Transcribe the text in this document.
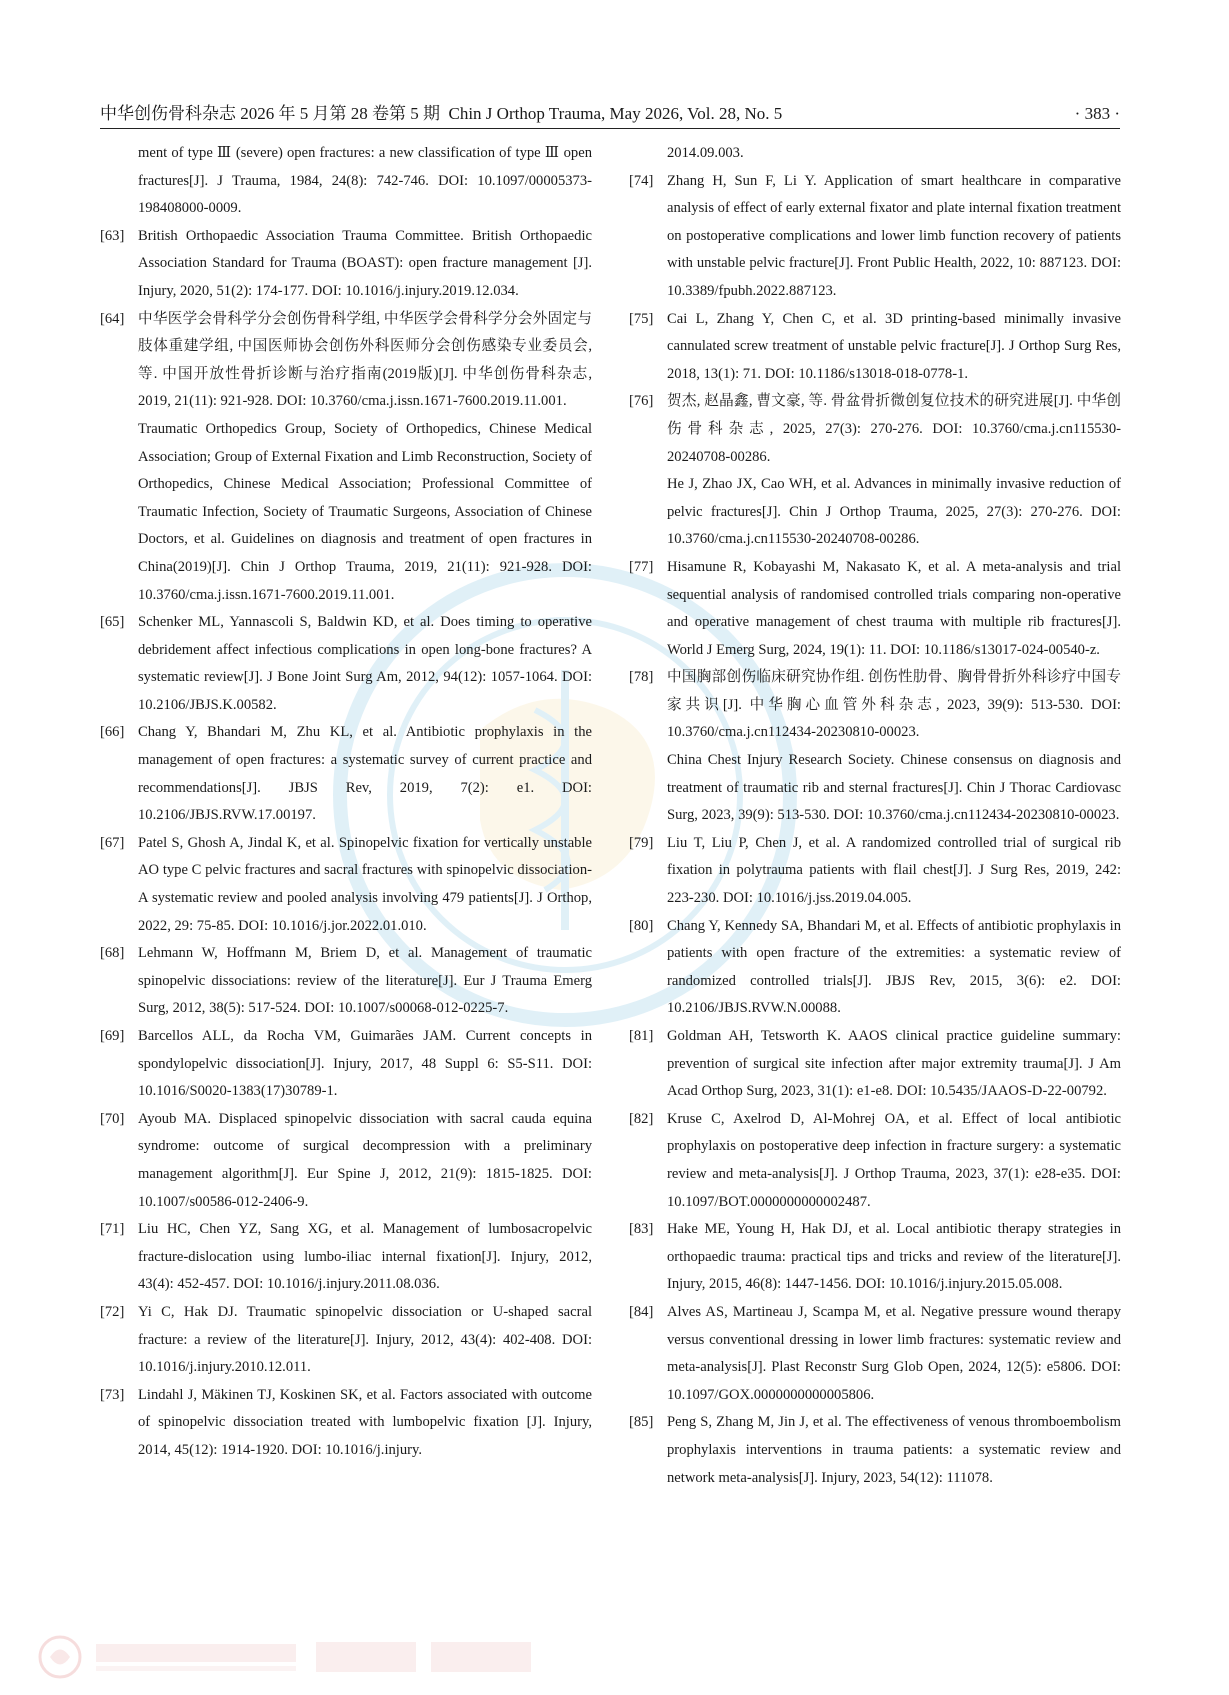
中华创伤骨科杂志 2026 年 5 月第 28 卷第 5 期 Chin J Orthop Trauma, May 2026, Vol. 28, No. 5	· 383 ·
ment of type Ⅲ (severe) open fractures: a new classification of type Ⅲ open fractures[J]. J Trauma, 1984, 24(8): 742-746. DOI: 10.1097/00005373-198408000-0009.
[63] British Orthopaedic Association Trauma Committee. British Orthopaedic Association Standard for Trauma (BOAST): open fracture management [J]. Injury, 2020, 51(2): 174-177. DOI: 10.1016/j.injury.2019.12.034.
[64] 中华医学会骨科学分会创伤骨科学组, 中华医学会骨科学分会外固定与肢体重建学组, 中国医师协会创伤外科医师分会创伤感染专业委员会, 等. 中国开放性骨折诊断与治疗指南(2019版)[J]. 中华创伤骨科杂志, 2019, 21(11): 921-928. DOI: 10.3760/cma.j.issn.1671-7600.2019.11.001.
Traumatic Orthopedics Group, Society of Orthopedics, Chinese Medical Association; Group of External Fixation and Limb Reconstruction, Society of Orthopedics, Chinese Medical Association; Professional Committee of Traumatic Infection, Society of Traumatic Surgeons, Association of Chinese Doctors, et al. Guidelines on diagnosis and treatment of open fractures in China(2019)[J]. Chin J Orthop Trauma, 2019, 21(11): 921-928. DOI: 10.3760/cma.j.issn.1671-7600.2019.11.001.
[65] Schenker ML, Yannascoli S, Baldwin KD, et al. Does timing to operative debridement affect infectious complications in open long-bone fractures? A systematic review[J]. J Bone Joint Surg Am, 2012, 94(12): 1057-1064. DOI: 10.2106/JBJS.K.00582.
[66] Chang Y, Bhandari M, Zhu KL, et al. Antibiotic prophylaxis in the management of open fractures: a systematic survey of current practice and recommendations[J]. JBJS Rev, 2019, 7(2): e1. DOI: 10.2106/JBJS.RVW.17.00197.
[67] Patel S, Ghosh A, Jindal K, et al. Spinopelvic fixation for vertically unstable AO type C pelvic fractures and sacral fractures with spinopelvic dissociation- A systematic review and pooled analysis involving 479 patients[J]. J Orthop, 2022, 29: 75-85. DOI: 10.1016/j.jor.2022.01.010.
[68] Lehmann W, Hoffmann M, Briem D, et al. Management of traumatic spinopelvic dissociations: review of the literature[J]. Eur J Trauma Emerg Surg, 2012, 38(5): 517-524. DOI: 10.1007/s00068-012-0225-7.
[69] Barcellos ALL, da Rocha VM, Guimarães JAM. Current concepts in spondylopelvic dissociation[J]. Injury, 2017, 48 Suppl 6: S5-S11. DOI: 10.1016/S0020-1383(17)30789-1.
[70] Ayoub MA. Displaced spinopelvic dissociation with sacral cauda equina syndrome: outcome of surgical decompression with a preliminary management algorithm[J]. Eur Spine J, 2012, 21(9): 1815-1825. DOI: 10.1007/s00586-012-2406-9.
[71] Liu HC, Chen YZ, Sang XG, et al. Management of lumbosacropelvic fracture-dislocation using lumbo-iliac internal fixation[J]. Injury, 2012, 43(4): 452-457. DOI: 10.1016/j.injury.2011.08.036.
[72] Yi C, Hak DJ. Traumatic spinopelvic dissociation or U-shaped sacral fracture: a review of the literature[J]. Injury, 2012, 43(4): 402-408. DOI: 10.1016/j.injury.2010.12.011.
[73] Lindahl J, Mäkinen TJ, Koskinen SK, et al. Factors associated with outcome of spinopelvic dissociation treated with lumbopelvic fixation [J]. Injury, 2014, 45(12): 1914-1920. DOI: 10.1016/j.injury.
2014.09.003.
[74] Zhang H, Sun F, Li Y. Application of smart healthcare in comparative analysis of effect of early external fixator and plate internal fixation treatment on postoperative complications and lower limb function recovery of patients with unstable pelvic fracture[J]. Front Public Health, 2022, 10: 887123. DOI: 10.3389/fpubh.2022.887123.
[75] Cai L, Zhang Y, Chen C, et al. 3D printing-based minimally invasive cannulated screw treatment of unstable pelvic fracture[J]. J Orthop Surg Res, 2018, 13(1): 71. DOI: 10.1186/s13018-018-0778-1.
[76] 贺杰, 赵晶鑫, 曹文豪, 等. 骨盆骨折微创复位技术的研究进展[J]. 中华创伤骨科杂志, 2025, 27(3): 270-276. DOI: 10.3760/cma.j.cn115530-20240708-00286.
He J, Zhao JX, Cao WH, et al. Advances in minimally invasive reduction of pelvic fractures[J]. Chin J Orthop Trauma, 2025, 27(3): 270-276. DOI: 10.3760/cma.j.cn115530-20240708-00286.
[77] Hisamune R, Kobayashi M, Nakasato K, et al. A meta-analysis and trial sequential analysis of randomised controlled trials comparing non-operative and operative management of chest trauma with multiple rib fractures[J]. World J Emerg Surg, 2024, 19(1): 11. DOI: 10.1186/s13017-024-00540-z.
[78] 中国胸部创伤临床研究协作组. 创伤性肋骨、胸骨骨折外科诊疗中国专家共识[J]. 中华胸心血管外科杂志, 2023, 39(9): 513-530. DOI: 10.3760/cma.j.cn112434-20230810-00023.
China Chest Injury Research Society. Chinese consensus on diagnosis and treatment of traumatic rib and sternal fractures[J]. Chin J Thorac Cardiovasc Surg, 2023, 39(9): 513-530. DOI: 10.3760/cma.j.cn112434-20230810-00023.
[79] Liu T, Liu P, Chen J, et al. A randomized controlled trial of surgical rib fixation in polytrauma patients with flail chest[J]. J Surg Res, 2019, 242: 223-230. DOI: 10.1016/j.jss.2019.04.005.
[80] Chang Y, Kennedy SA, Bhandari M, et al. Effects of antibiotic prophylaxis in patients with open fracture of the extremities: a systematic review of randomized controlled trials[J]. JBJS Rev, 2015, 3(6): e2. DOI: 10.2106/JBJS.RVW.N.00088.
[81] Goldman AH, Tetsworth K. AAOS clinical practice guideline summary: prevention of surgical site infection after major extremity trauma[J]. J Am Acad Orthop Surg, 2023, 31(1): e1-e8. DOI: 10.5435/JAAOS-D-22-00792.
[82] Kruse C, Axelrod D, Al-Mohrej OA, et al. Effect of local antibiotic prophylaxis on postoperative deep infection in fracture surgery: a systematic review and meta-analysis[J]. J Orthop Trauma, 2023, 37(1): e28-e35. DOI: 10.1097/BOT.0000000000002487.
[83] Hake ME, Young H, Hak DJ, et al. Local antibiotic therapy strategies in orthopaedic trauma: practical tips and tricks and review of the literature[J]. Injury, 2015, 46(8): 1447-1456. DOI: 10.1016/j.injury.2015.05.008.
[84] Alves AS, Martineau J, Scampa M, et al. Negative pressure wound therapy versus conventional dressing in lower limb fractures: systematic review and meta-analysis[J]. Plast Reconstr Surg Glob Open, 2024, 12(5): e5806. DOI: 10.1097/GOX.0000000000005806.
[85] Peng S, Zhang M, Jin J, et al. The effectiveness of venous thromboembolism prophylaxis interventions in trauma patients: a systematic review and network meta-analysis[J]. Injury, 2023, 54(12): 111078.
